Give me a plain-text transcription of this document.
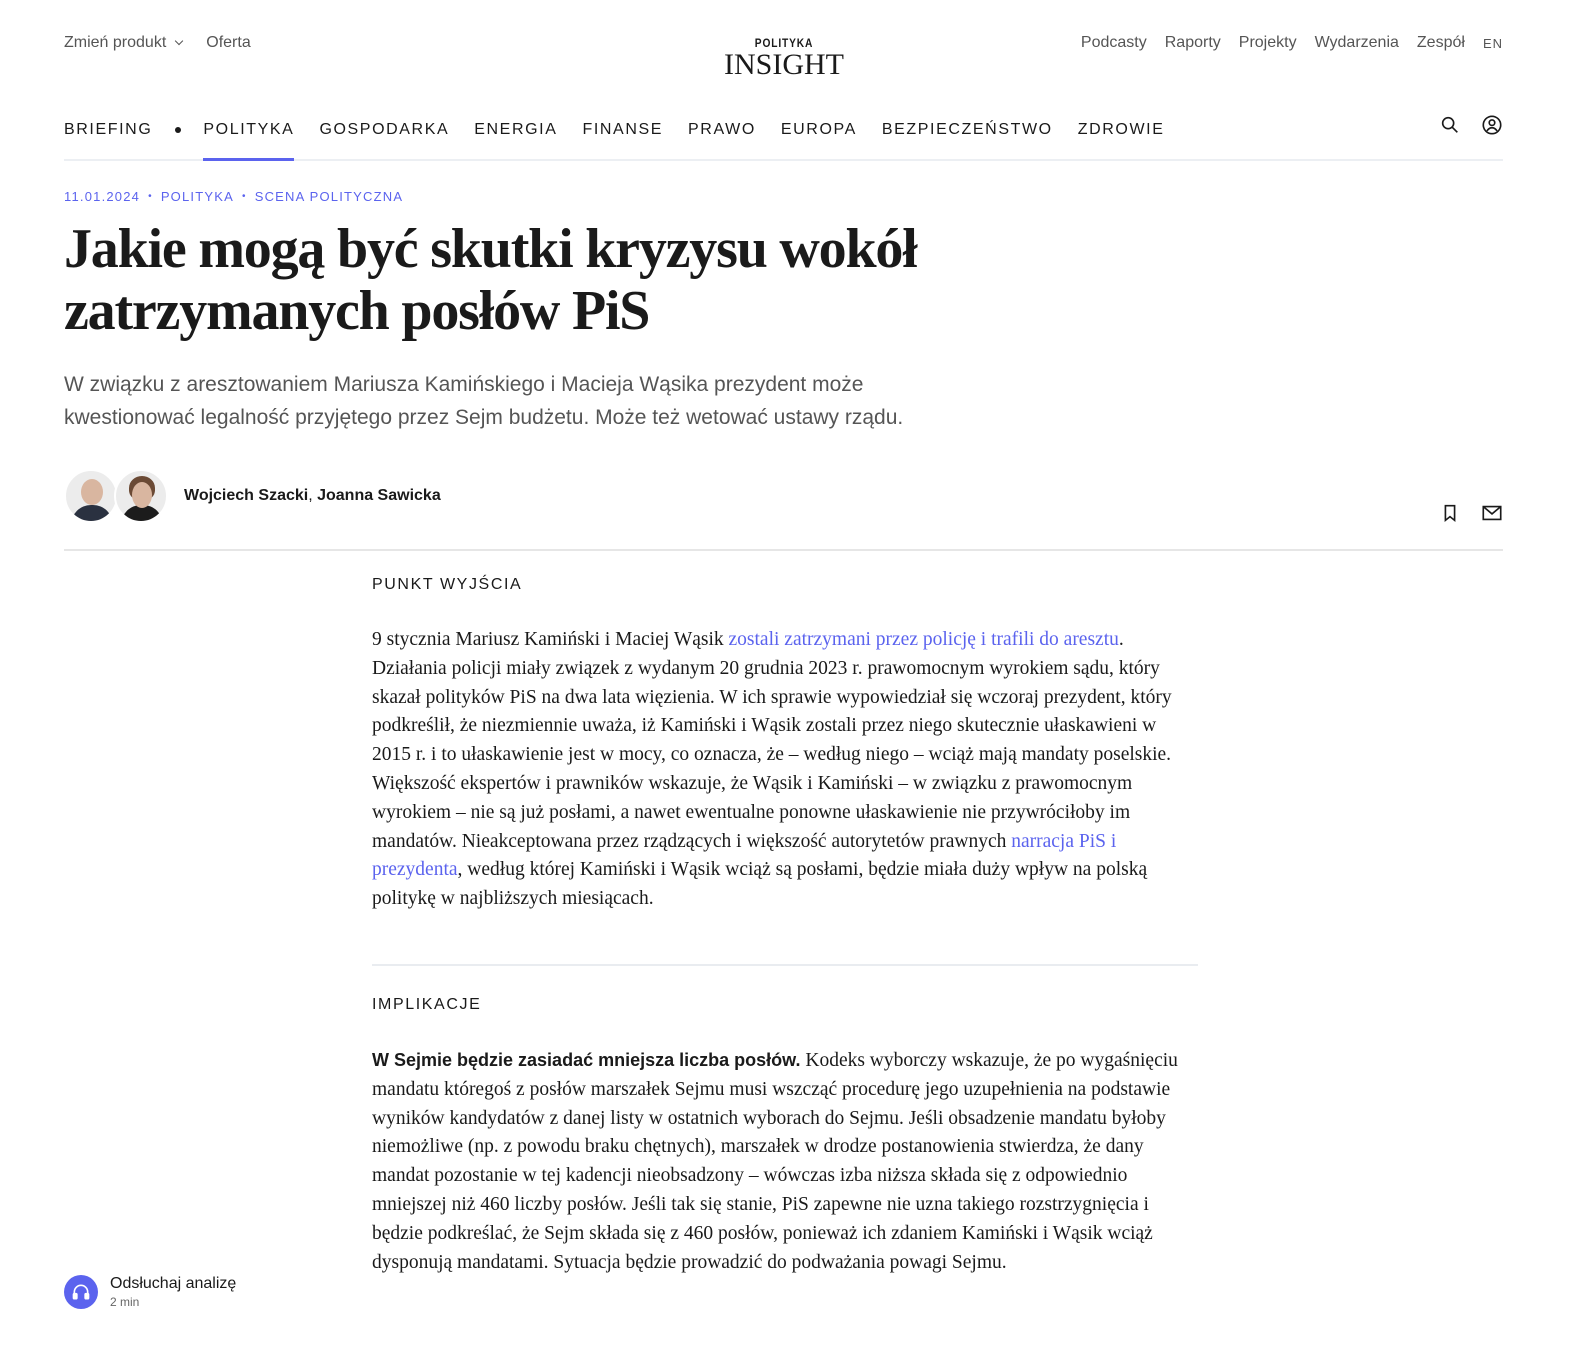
Zmień produkt	Oferta	Podcasty Raporty Projekty Wydarzenia Zespół EN
POLITYKA
INSIGHT
BRIEFING	POLITYKA GOSPODARKA ENERGIA FINANSE PRAWO EUROPA BEZPIECZEŃSTWO ZDROWIE
11.01.2024 • POLITYKA • SCENA POLITYCZNA
Jakie mogą być skutki kryzysu wokół zatrzymanych posłów PiS

W związku z aresztowaniem Mariusza Kamińskiego i Macieja Wąsika prezydent może kwestionować legalność przyjętego przez Sejm budżetu. Może też wetować ustawy rządu.

Wojciech Szacki, Joanna Sawicka
PUNKT WYJŚCIA

9 stycznia Mariusz Kamiński i Maciej Wąsik zostali zatrzymani przez policję i trafili do aresztu. Działania policji miały związek z wydanym 20 grudnia 2023 r. prawomocnym wyrokiem sądu, który skazał polityków PiS na dwa lata więzienia. W ich sprawie wypowiedział się wczoraj prezydent, który podkreślił, że niezmiennie uważa, iż Kamiński i Wąsik zostali przez niego skutecznie ułaskawieni w 2015 r. i to ułaskawienie jest w mocy, co oznacza, że – według niego – wciąż mają mandaty poselskie. Większość ekspertów i prawników wskazuje, że Wąsik i Kamiński – w związku z prawomocnym wyrokiem – nie są już posłami, a nawet ewentualne ponowne ułaskawienie nie przywróciłoby im mandatów. Nieakceptowana przez rządzących i większość autorytetów prawnych narracja PiS i prezydenta, według której Kamiński i Wąsik wciąż są posłami, będzie miała duży wpływ na polską politykę w najbliższych miesiącach.

IMPLIKACJE

W Sejmie będzie zasiadać mniejsza liczba posłów. Kodeks wyborczy wskazuje, że po wygaśnięciu mandatu któregoś z posłów marszałek Sejmu musi wszcząć procedurę jego uzupełnienia na podstawie wyników kandydatów z danej listy w ostatnich wyborach do Sejmu. Jeśli obsadzenie mandatu byłoby niemożliwe (np. z powodu braku chętnych), marszałek w drodze postanowienia stwierdza, że dany mandat pozostanie w tej kadencji nieobsadzony – wówczas izba niższa składa się z odpowiednio mniejszej niż 460 liczby posłów. Jeśli tak się stanie, PiS zapewne nie uzna takiego rozstrzygnięcia i będzie podkreślać, że Sejm składa się z 460 posłów, ponieważ ich zdaniem Kamiński i Wąsik wciąż dysponują mandatami. Sytuacja będzie prowadzić do podważania powagi Sejmu.

Odsłuchaj analizę
2 min
